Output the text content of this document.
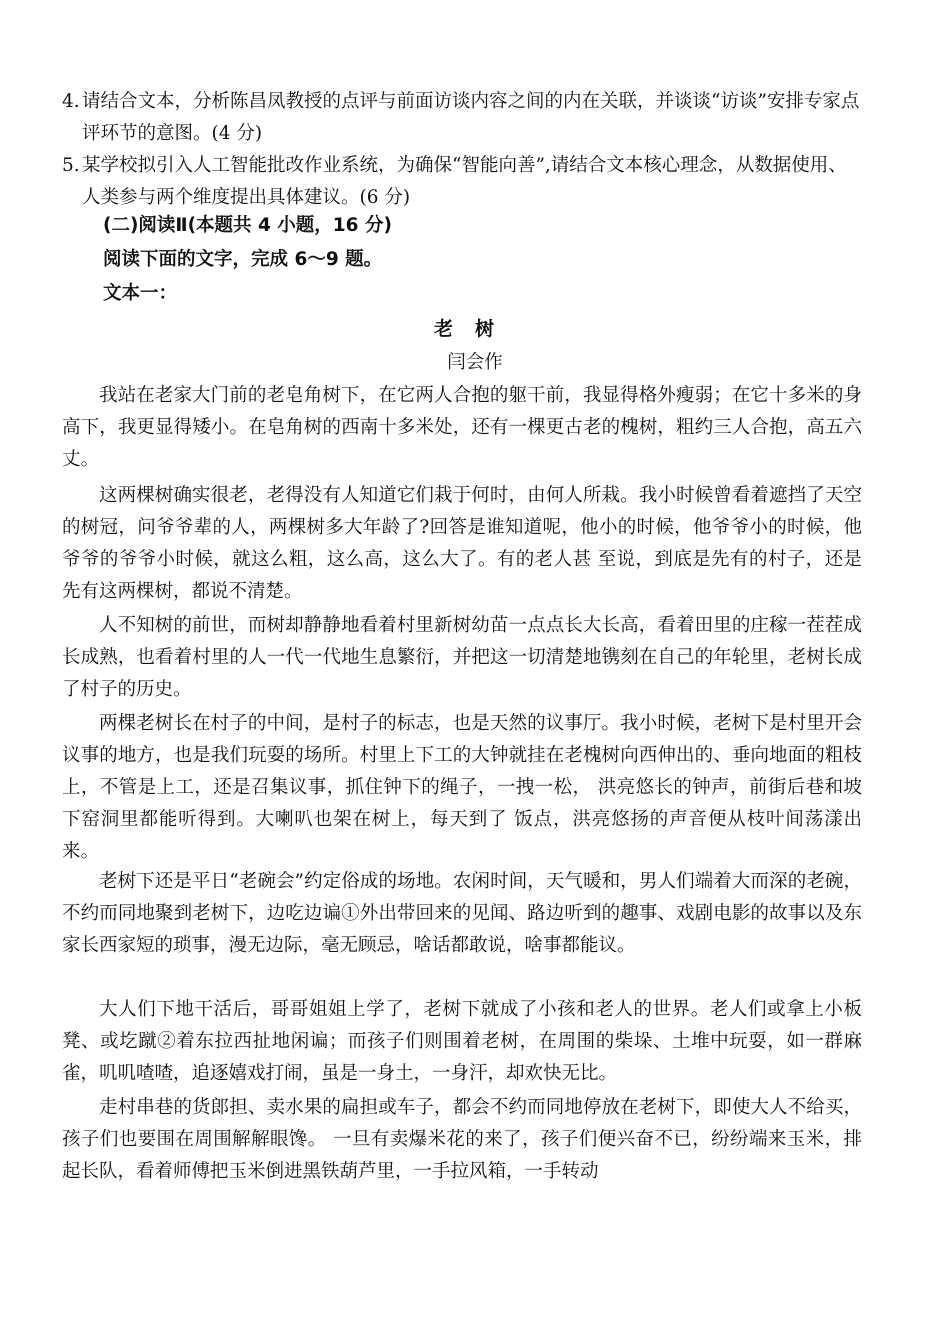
4. 请结合文本，分析陈昌凤教授的点评与前面访谈内容之间的内在关联，并谈谈“访谈”安排专家点评环节的意图。(4 分)
5. 某学校拟引入人工智能批改作业系统，为确保“智能向善”,请结合文本核心理念，从数据使用、人类参与两个维度提出具体建议。(6 分)
(二)阅读Ⅱ(本题共 4 小题，16 分)
阅读下面的文字，完成 6～9 题。
文本一：
老树
闫会作
我站在老家大门前的老皂角树下，在它两人合抱的躯干前，我显得格外瘦弱；在它十多米的身高下，我更显得矮小。在皂角树的西南十多米处，还有一棵更古老的槐树，粗约三人合抱，高五六丈。
这两棵树确实很老，老得没有人知道它们栽于何时，由何人所栽。我小时候曾看着遮挡了天空的树冠，问爷爷辈的人，两棵树多大年龄了?回答是谁知道呢，他小的时候，他爷爷小的时候，他爷爷的爷爷小时候，就这么粗，这么高，这么大了。有的老人甚 至说，到底是先有的村子，还是先有这两棵树，都说不清楚。
人不知树的前世，而树却静静地看着村里新树幼苗一点点长大长高，看着田里的庄稼一茬茬成长成熟，也看着村里的人一代一代地生息繁衍，并把这一切清楚地镌刻在自己的年轮里，老树长成了村子的历史。
两棵老树长在村子的中间，是村子的标志，也是天然的议事厅。我小时候，老树下是村里开会议事的地方，也是我们玩耍的场所。村里上下工的大钟就挂在老槐树向西伸出的、垂向地面的粗枝上，不管是上工，还是召集议事，抓住钟下的绳子，一拽一松， 洪亮悠长的钟声，前街后巷和坡下窑洞里都能听得到。大喇叭也架在树上，每天到了 饭点，洪亮悠扬的声音便从枝叶间荡漾出来。
老树下还是平日“老碗会”约定俗成的场地。农闲时间，天气暖和，男人们端着大而深的老碗，不约而同地聚到老树下，边吃边谝①外出带回来的见闻、路边听到的趣事、戏剧电影的故事以及东家长西家短的琐事，漫无边际，毫无顾忌，啥话都敢说，啥事都能议。
大人们下地干活后，哥哥姐姐上学了，老树下就成了小孩和老人的世界。老人们或拿上小板凳、或圪蹴②着东拉西扯地闲谝；而孩子们则围着老树，在周围的柴垛、土堆中玩耍，如一群麻雀，叽叽喳喳，追逐嬉戏打闹，虽是一身土，一身汗，却欢快无比。
走村串巷的货郎担、卖水果的扁担或车子，都会不约而同地停放在老树下，即使大人不给买，孩子们也要围在周围解解眼馋。 一旦有卖爆米花的来了，孩子们便兴奋不已，纷纷端来玉米，排起长队，看着师傅把玉米倒进黑铁葫芦里，一手拉风箱，一手转动
